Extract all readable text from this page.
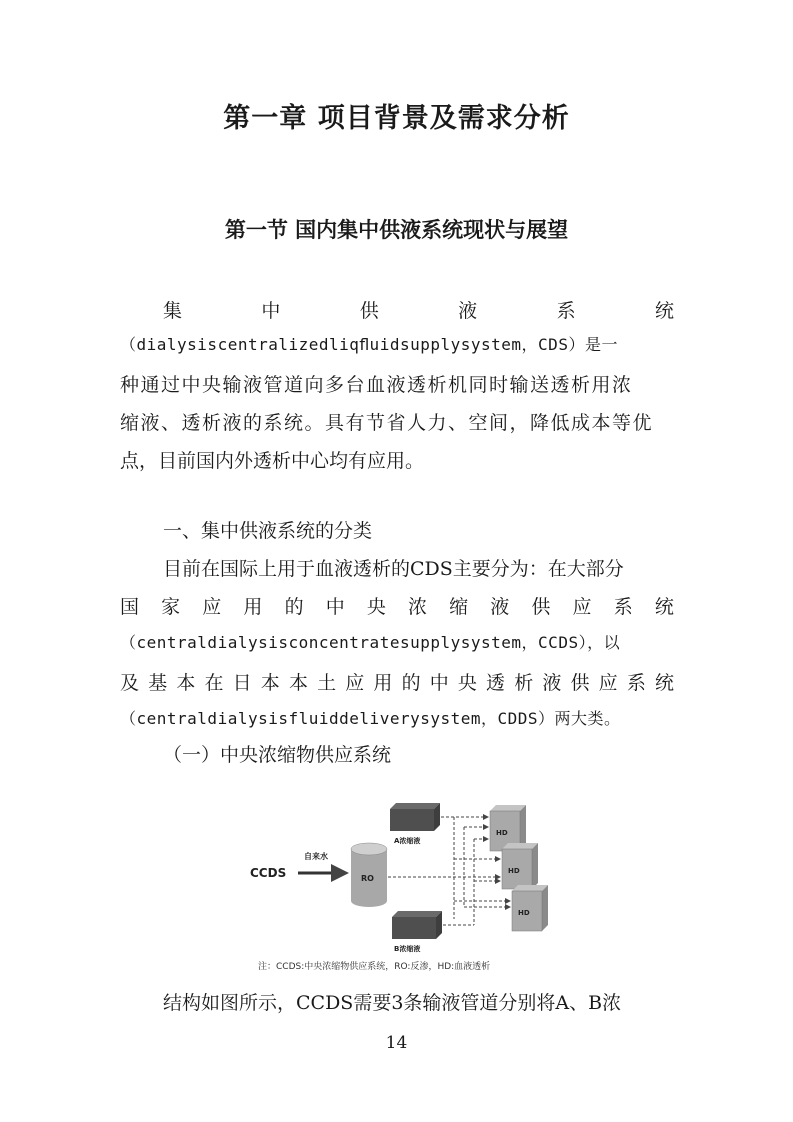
第一章 项目背景及需求分析
第一节 国内集中供液系统现状与展望
集	中	供	液	系	统
（dialysiscentralizedliqﬂuidsupplysystem，CDS）是一
种通过中央输液管道向多台血液透析机同时输送透析用浓
缩液、透析液的系统。具有节省人力、空间，降低成本等优
点，目前国内外透析中心均有应用。
一、集中供液系统的分类
目前在国际上用于血液透析的CDS主要分为：在大部分
国 家 应 用 的 中 央 浓 缩 液 供 应 系 统
（centraldialysisconcentratesupplysystem，CCDS），以
及 基 本 在 日 本 本 土 应 用 的 中 央 透 析 液 供 应 系 统
（centraldialysisfluiddeliverysystem，CDDS）两大类。
（一）中央浓缩物供应系统
CCDS
自来水
RO
A浓缩液
B浓缩液
HD
HD
HD
注：CCDS:中央浓缩物供应系统，RO:反渗，HD:血液透析
结构如图所示，CCDS需要3条输液管道分别将A、B浓
14
